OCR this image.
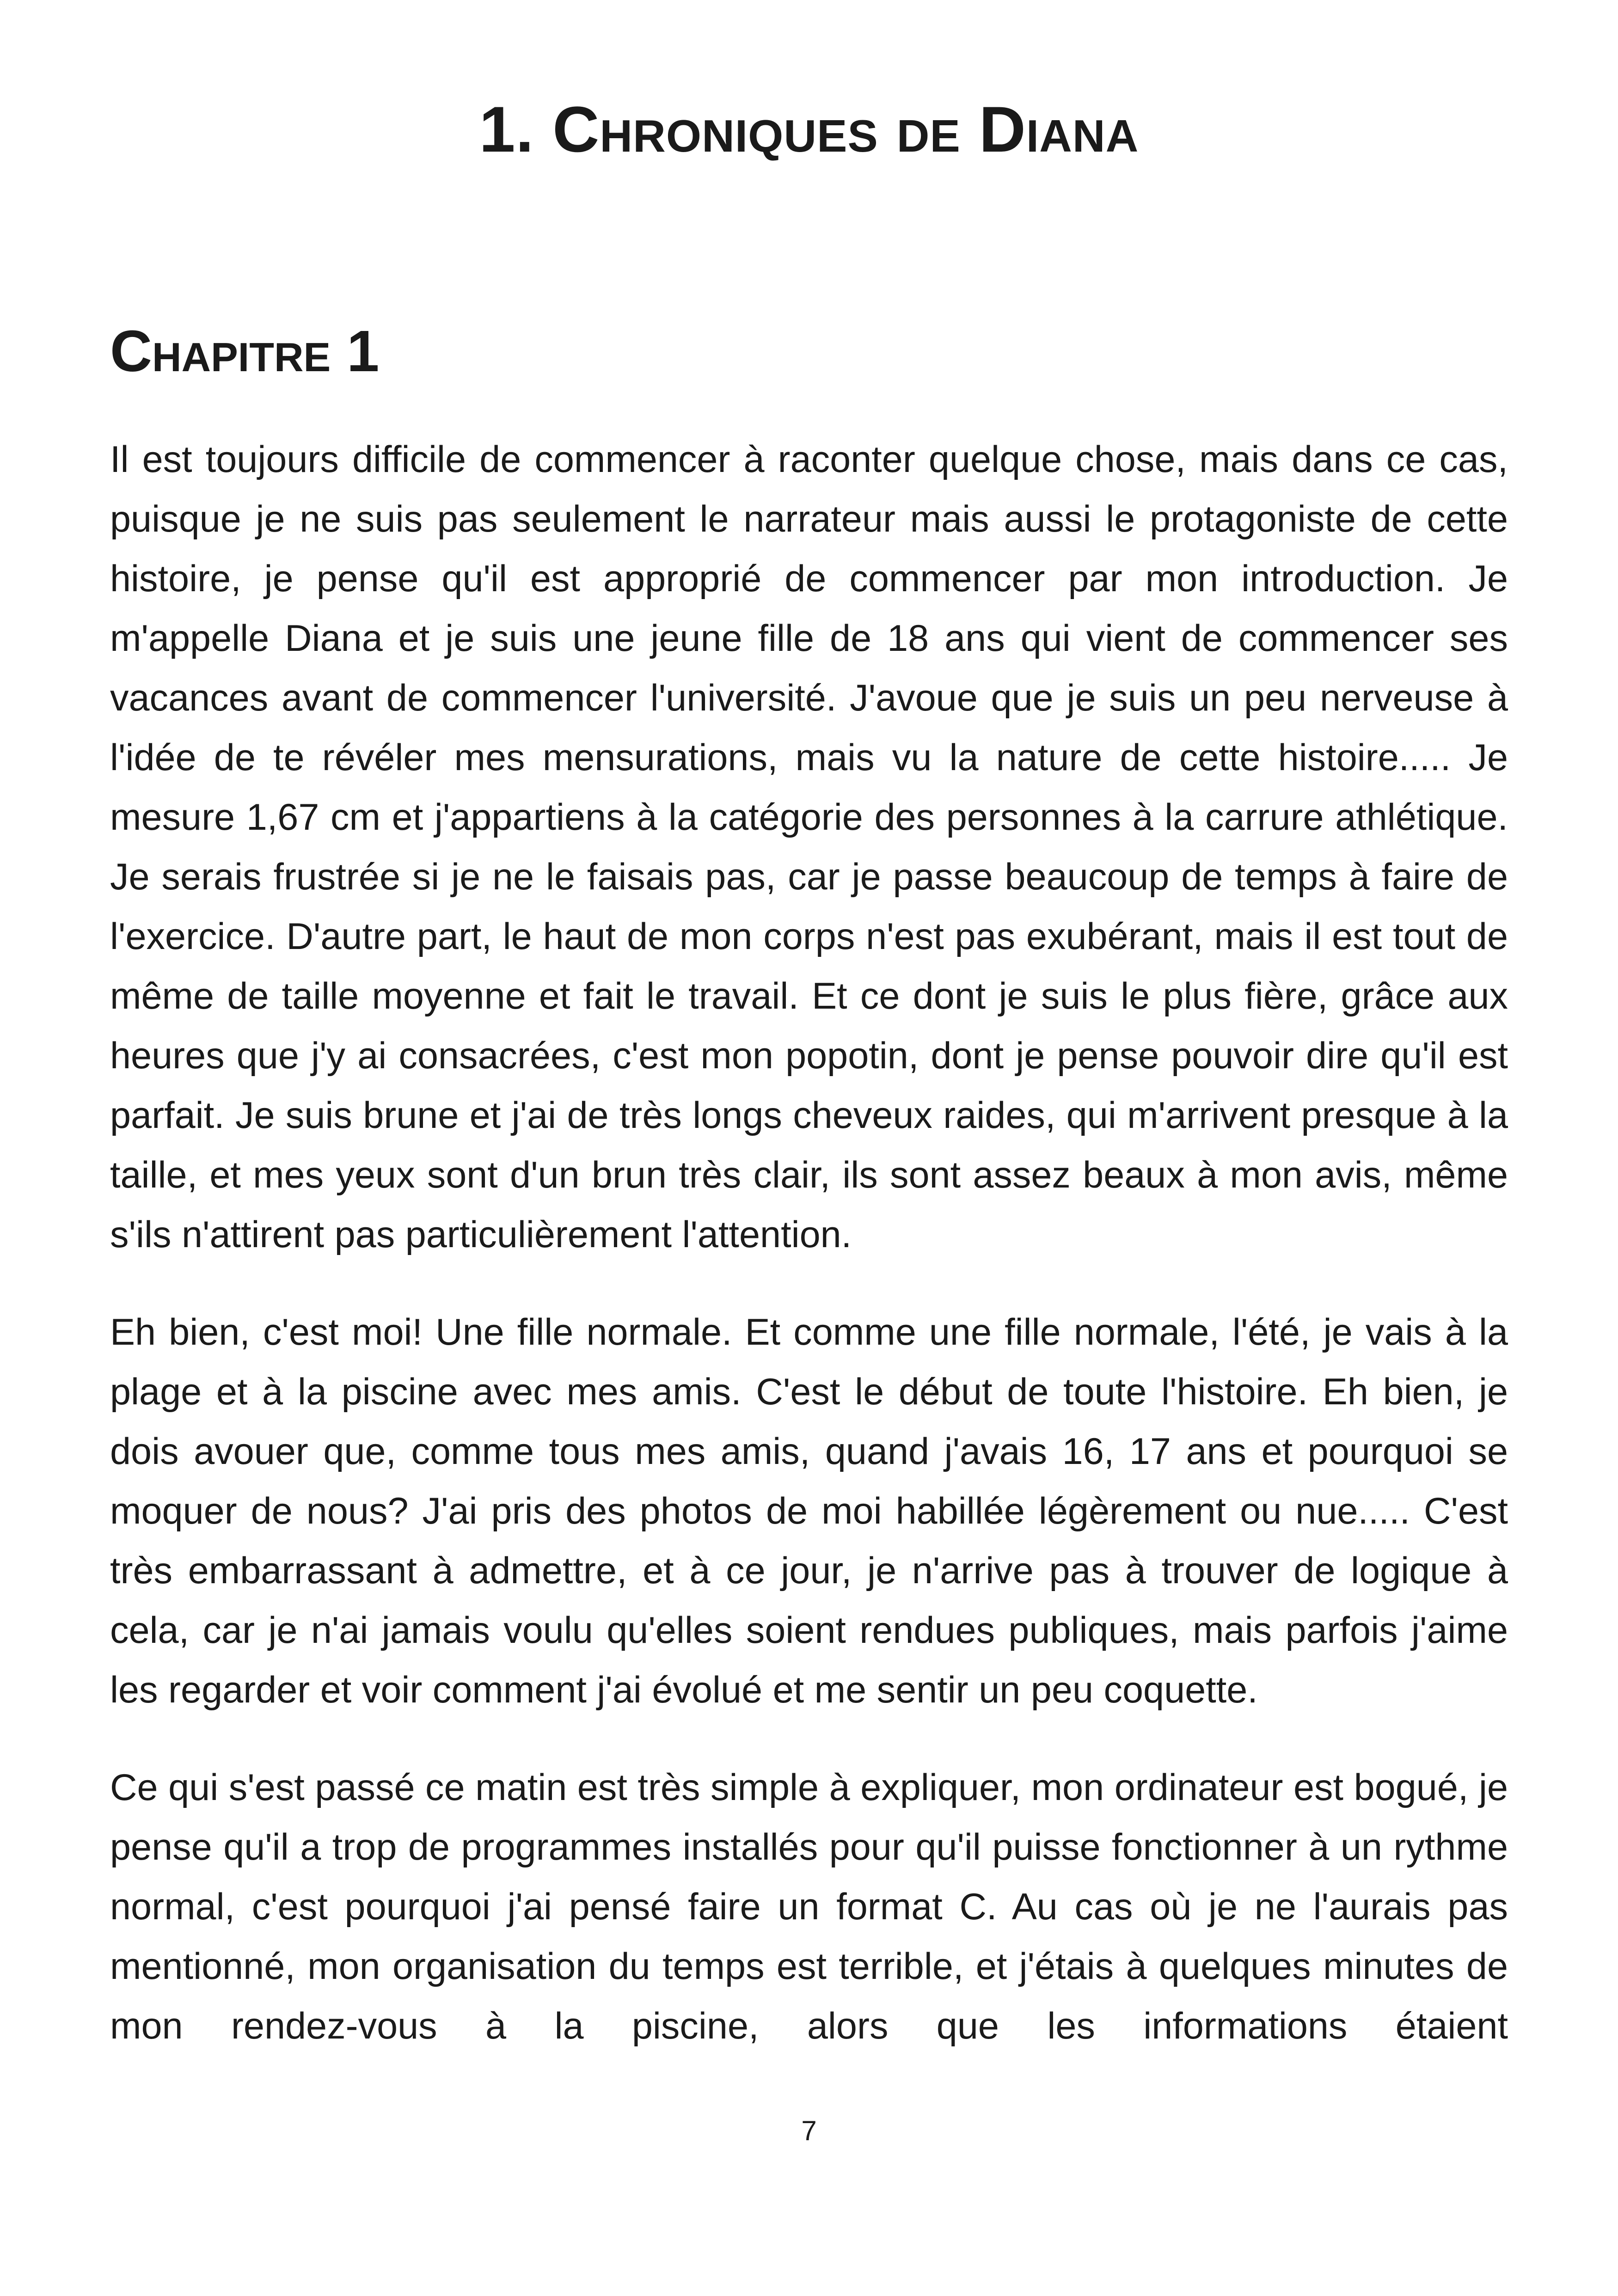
1. Chroniques de Diana
Chapitre 1

Il est toujours difficile de commencer à raconter quelque chose, mais dans ce cas, puisque je ne suis pas seulement le narrateur mais aussi le protagoniste de cette histoire, je pense qu'il est approprié de commencer par mon introduction. Je m'appelle Diana et je suis une jeune fille de 18 ans qui vient de commencer ses vacances avant de commencer l'université. J'avoue que je suis un peu nerveuse à l'idée de te révéler mes mensurations, mais vu la nature de cette histoire..... Je mesure 1,67 cm et j'appartiens à la catégorie des personnes à la carrure athlétique. Je serais frustrée si je ne le faisais pas, car je passe beaucoup de temps à faire de l'exercice. D'autre part, le haut de mon corps n'est pas exubérant, mais il est tout de même de taille moyenne et fait le travail. Et ce dont je suis le plus fière, grâce aux heures que j'y ai consacrées, c'est mon popotin, dont je pense pouvoir dire qu'il est parfait. Je suis brune et j'ai de très longs cheveux raides, qui m'arrivent presque à la taille, et mes yeux sont d'un brun très clair, ils sont assez beaux à mon avis, même s'ils n'attirent pas particulièrement l'attention.

Eh bien, c'est moi! Une fille normale. Et comme une fille normale, l'été, je vais à la plage et à la piscine avec mes amis. C'est le début de toute l'histoire. Eh bien, je dois avouer que, comme tous mes amis, quand j'avais 16, 17 ans et pourquoi se moquer de nous? J'ai pris des photos de moi habillée légèrement ou nue..... C'est très embarrassant à admettre, et à ce jour, je n'arrive pas à trouver de logique à cela, car je n'ai jamais voulu qu'elles soient rendues publiques, mais parfois j'aime les regarder et voir comment j'ai évolué et me sentir un peu coquette.

Ce qui s'est passé ce matin est très simple à expliquer, mon ordinateur est bogué, je pense qu'il a trop de programmes installés pour qu'il puisse fonctionner à un rythme normal, c'est pourquoi j'ai pensé faire un format C. Au cas où je ne l'aurais pas mentionné, mon organisation du temps est terrible, et j'étais à quelques minutes de mon rendez-vous à la piscine, alors que les informations étaient

7
